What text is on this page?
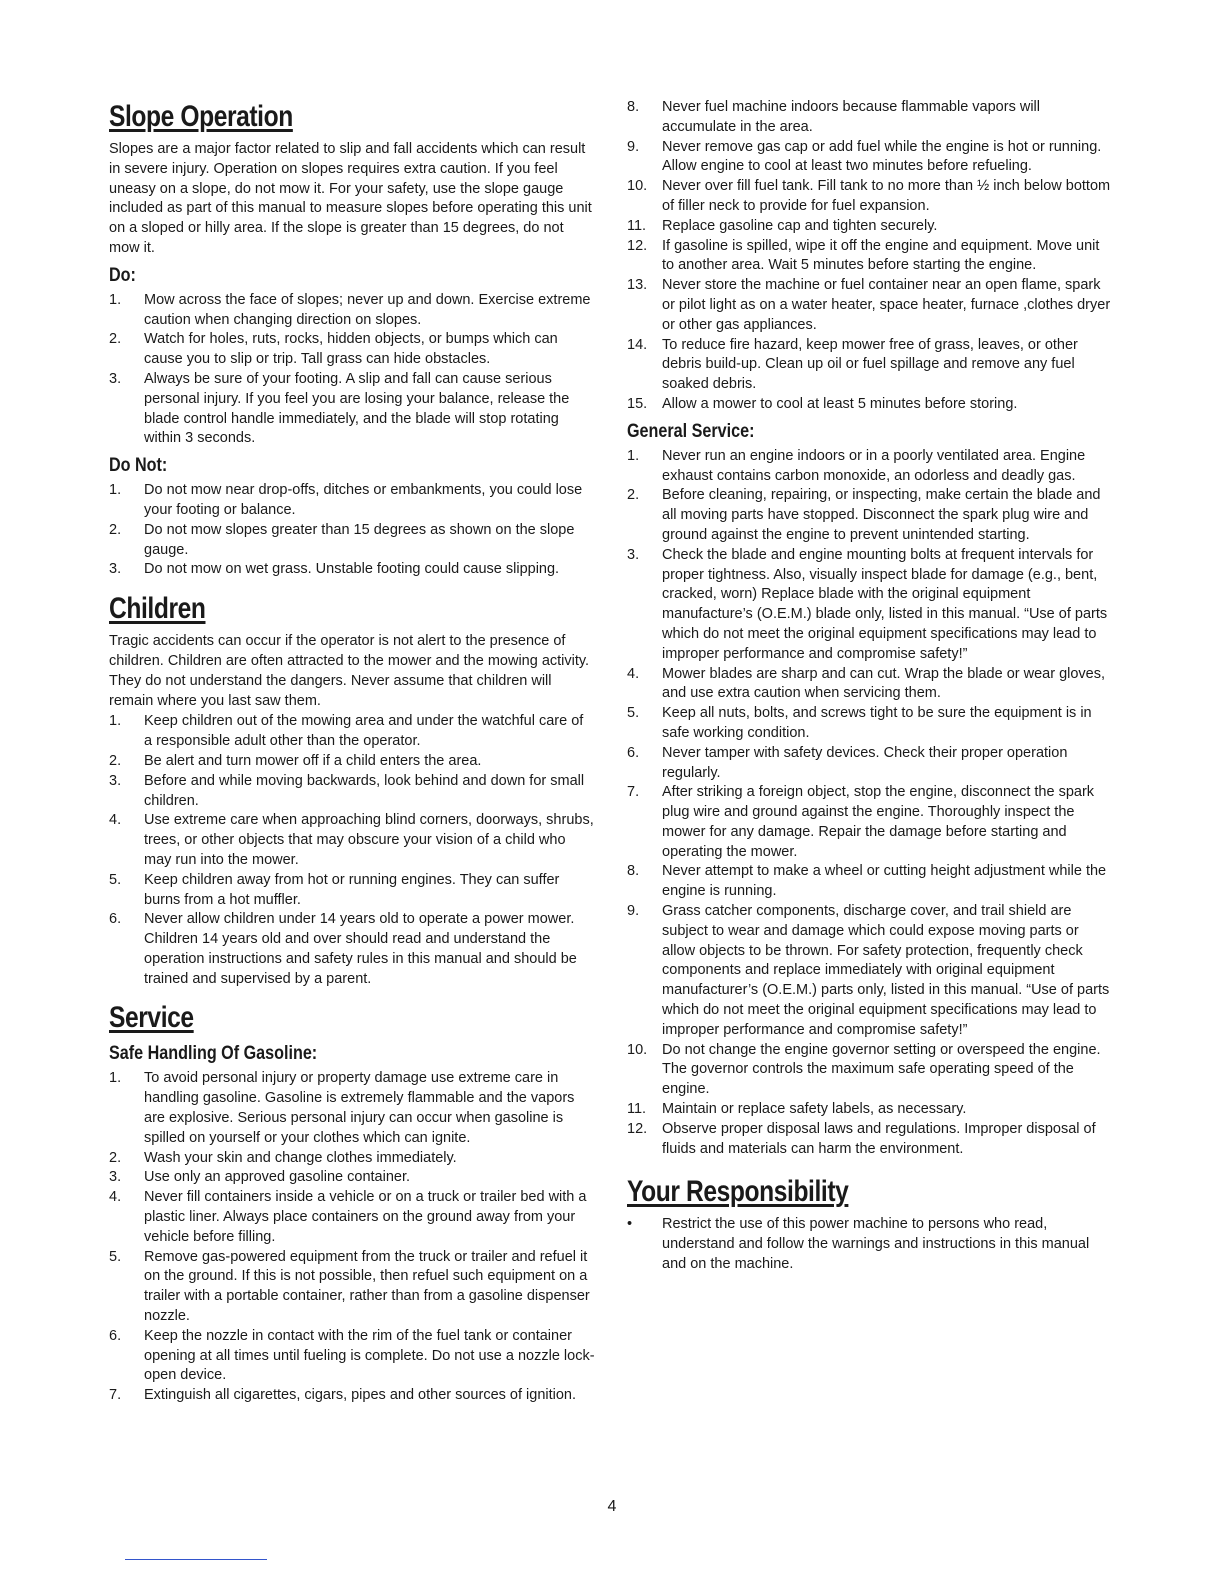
Slope Operation

Slopes are a major factor related to slip and fall accidents which can result in severe injury. Operation on slopes requires extra caution. If you feel uneasy on a slope, do not mow it. For your safety, use the slope gauge included as part of this manual to measure slopes before operating this unit on a sloped or hilly area. If the slope is greater than 15 degrees, do not mow it.

Do:
1. Mow across the face of slopes; never up and down. Exercise extreme caution when changing direction on slopes.
2. Watch for holes, ruts, rocks, hidden objects, or bumps which can cause you to slip or trip. Tall grass can hide obstacles.
3. Always be sure of your footing. A slip and fall can cause serious personal injury. If you feel you are losing your balance, release the blade control handle immediately, and the blade will stop rotating within 3 seconds.
Do Not:
1. Do not mow near drop-offs, ditches or embankments, you could lose your footing or balance.
2. Do not mow slopes greater than 15 degrees as shown on the slope gauge.
3. Do not mow on wet grass. Unstable footing could cause slipping.
Children

Tragic accidents can occur if the operator is not alert to the presence of children. Children are often attracted to the mower and the mowing activity. They do not understand the dangers. Never assume that children will remain where you last saw them.

1. Keep children out of the mowing area and under the watchful care of a responsible adult other than the operator.
2. Be alert and turn mower off if a child enters the area.
3. Before and while moving backwards, look behind and down for small children.
4. Use extreme care when approaching blind corners, doorways, shrubs, trees, or other objects that may obscure your vision of a child who may run into the mower.
5. Keep children away from hot or running engines. They can suffer burns from a hot muffler.
6. Never allow children under 14 years old to operate a power mower. Children 14 years old and over should read and understand the operation instructions and safety rules in this manual and should be trained and supervised by a parent.
Service
Safe Handling Of Gasoline:
1. To avoid personal injury or property damage use extreme care in handling gasoline. Gasoline is extremely flammable and the vapors are explosive. Serious personal injury can occur when gasoline is spilled on yourself or your clothes which can ignite.
2. Wash your skin and change clothes immediately.
3. Use only an approved gasoline container.
4. Never fill containers inside a vehicle or on a truck or trailer bed with a plastic liner. Always place containers on the ground away from your vehicle before filling.
5. Remove gas-powered equipment from the truck or trailer and refuel it on the ground. If this is not possible, then refuel such equipment on a trailer with a portable container, rather than from a gasoline dispenser nozzle.
6. Keep the nozzle in contact with the rim of the fuel tank or container opening at all times until fueling is complete. Do not use a nozzle lock-open device.
7. Extinguish all cigarettes, cigars, pipes and other sources of ignition.
8. Never fuel machine indoors because flammable vapors will accumulate in the area.
9. Never remove gas cap or add fuel while the engine is hot or running. Allow engine to cool at least two minutes before refueling.
10. Never over fill fuel tank. Fill tank to no more than ½ inch below bottom of filler neck to provide for fuel expansion.
11. Replace gasoline cap and tighten securely.
12. If gasoline is spilled, wipe it off the engine and equipment. Move unit to another area. Wait 5 minutes before starting the engine.
13. Never store the machine or fuel container near an open flame, spark or pilot light as on a water heater, space heater, furnace ,clothes dryer or other gas appliances.
14. To reduce fire hazard, keep mower free of grass, leaves, or other debris build-up. Clean up oil or fuel spillage and remove any fuel soaked debris.
15. Allow a mower to cool at least 5 minutes before storing.
General Service:
1. Never run an engine indoors or in a poorly ventilated area. Engine exhaust contains carbon monoxide, an odorless and deadly gas.
2. Before cleaning, repairing, or inspecting, make certain the blade and all moving parts have stopped. Disconnect the spark plug wire and ground against the engine to prevent unintended starting.
3. Check the blade and engine mounting bolts at frequent intervals for proper tightness. Also, visually inspect blade for damage (e.g., bent, cracked, worn) Replace blade with the original equipment manufacture’s (O.E.M.) blade only, listed in this manual. “Use of parts which do not meet the original equipment specifications may lead to improper performance and compromise safety!”
4. Mower blades are sharp and can cut. Wrap the blade or wear gloves, and use extra caution when servicing them.
5. Keep all nuts, bolts, and screws tight to be sure the equipment is in safe working condition.
6. Never tamper with safety devices. Check their proper operation regularly.
7. After striking a foreign object, stop the engine, disconnect the spark plug wire and ground against the engine. Thoroughly inspect the mower for any damage. Repair the damage before starting and operating the mower.
8. Never attempt to make a wheel or cutting height adjustment while the engine is running.
9. Grass catcher components, discharge cover, and trail shield are subject to wear and damage which could expose moving parts or allow objects to be thrown. For safety protection, frequently check components and replace immediately with original equipment manufacturer’s (O.E.M.) parts only, listed in this manual. “Use of parts which do not meet the original equipment specifications may lead to improper performance and compromise safety!”
10. Do not change the engine governor setting or overspeed the engine. The governor controls the maximum safe operating speed of the engine.
11. Maintain or replace safety labels, as necessary.
12. Observe proper disposal laws and regulations. Improper disposal of fluids and materials can harm the environment.
Your Responsibility
• Restrict the use of this power machine to persons who read, understand and follow the warnings and instructions in this manual and on the machine.
4
